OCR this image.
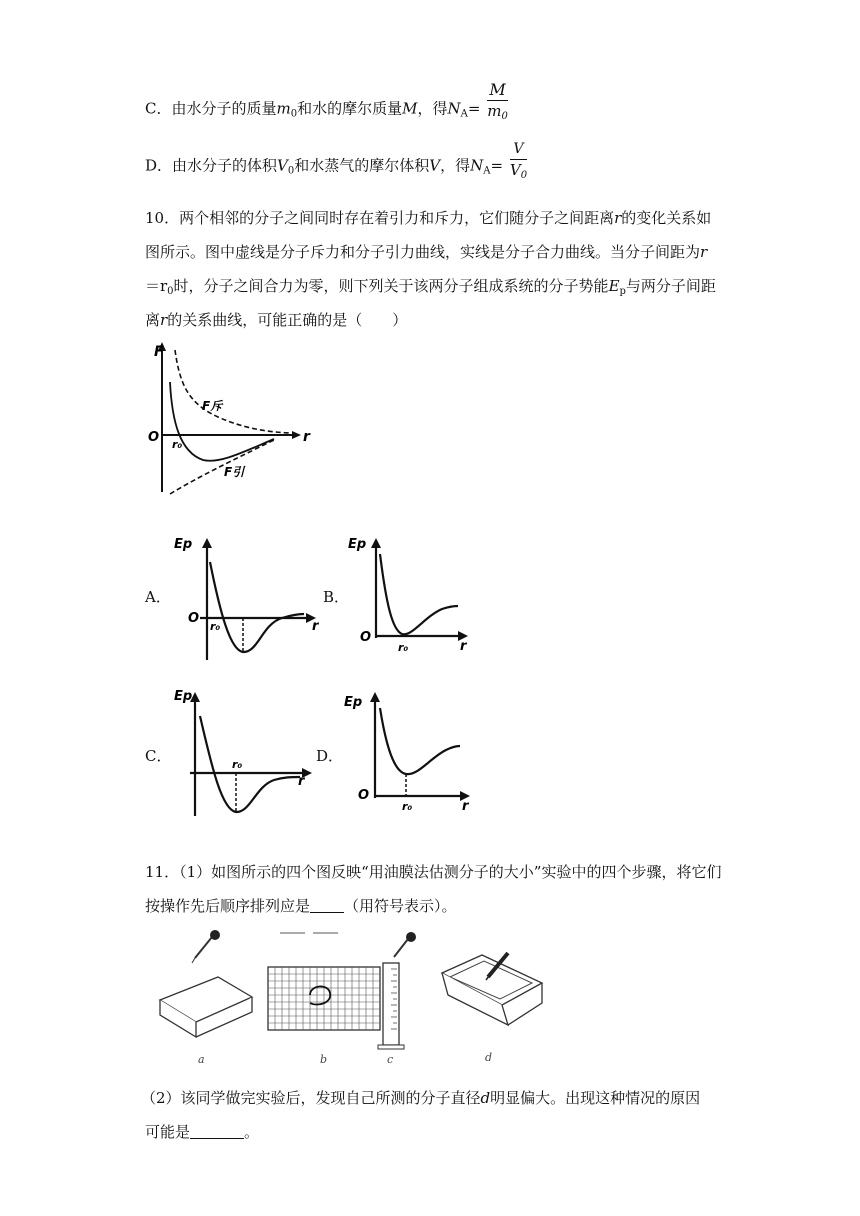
C．由水分子的质量$m_0$和水的摩尔质量M，得$N_A= \frac{M}{m_0}$
D．由水分子的体积$V_0$和水蒸气的摩尔体积V，得$N_A= \frac{V}{V_0}$
10．两个相邻的分子之间同时存在着引力和斥力，它们随分子之间距离r的变化关系如
图所示。图中虚线是分子斥力和分子引力曲线，实线是分子合力曲线。当分子间距为r
$=r_0$时，分子之间合力为零，则下列关于该两分子组成系统的分子势能$E_p$与两分子间距
离r的关系曲线，可能正确的是（　　）
F
O	r
r₀
F斥
F引
A．
Ep
O
r₀	r
B．
Ep
O
r₀	r
C．
Ep
r₀
r
D．
Ep
O
r₀	r
11．（1）如图所示的四个图反映“用油膜法估测分子的大小”实验中的四个步骤，将它们
按操作先后顺序排列应是 （用符号表示）。
a	b	c	d
（2）该同学做完实验后，发现自己所测的分子直径d明显偏大。出现这种情况的原因
可能是	。
